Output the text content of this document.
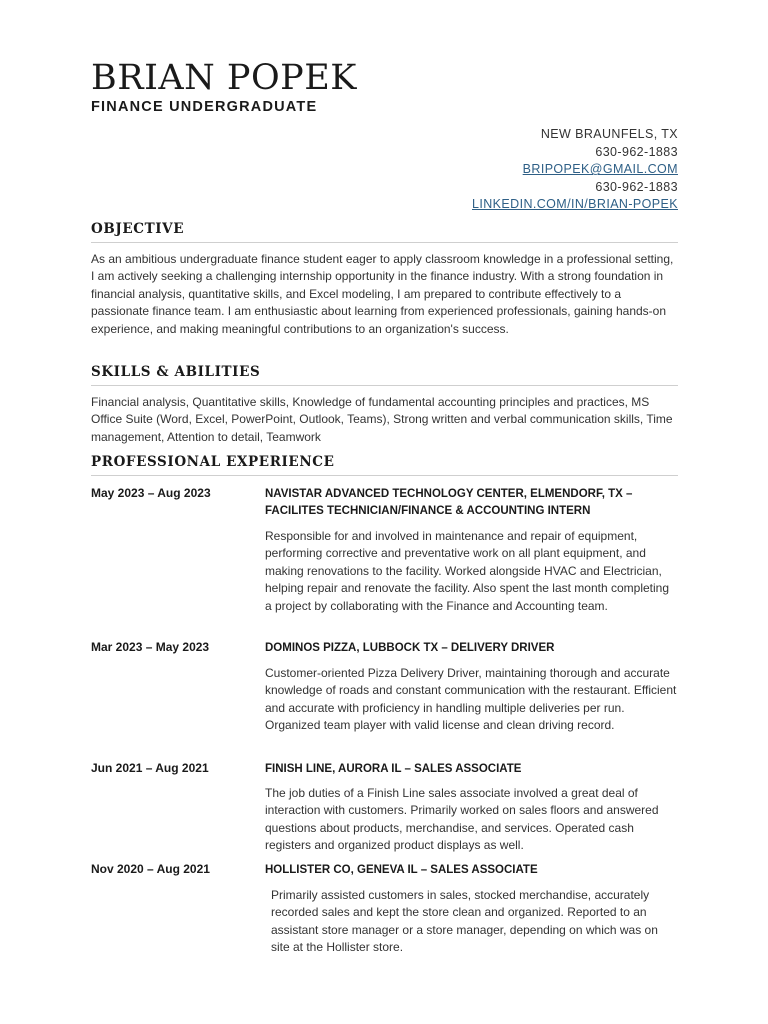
BRIAN POPEK
FINANCE UNDERGRADUATE
NEW BRAUNFELS, TX
630-962-1883
BRIPOPEK@GMAIL.COM
630-962-1883
LINKEDIN.COM/IN/BRIAN-POPEK
OBJECTIVE
As an ambitious undergraduate finance student eager to apply classroom knowledge in a professional setting, I am actively seeking a challenging internship opportunity in the finance industry. With a strong foundation in financial analysis, quantitative skills, and Excel modeling, I am prepared to contribute effectively to a passionate finance team. I am enthusiastic about learning from experienced professionals, gaining hands-on experience, and making meaningful contributions to an organization's success.
SKILLS & ABILITIES
Financial analysis, Quantitative skills, Knowledge of fundamental accounting principles and practices, MS Office Suite (Word, Excel, PowerPoint, Outlook, Teams), Strong written and verbal communication skills, Time management, Attention to detail, Teamwork
PROFESSIONAL EXPERIENCE
May 2023 – Aug 2023	NAVISTAR ADVANCED TECHNOLOGY CENTER, ELMENDORF, TX – FACILITES TECHNICIAN/FINANCE & ACCOUNTING INTERN
Responsible for and involved in maintenance and repair of equipment, performing corrective and preventative work on all plant equipment, and making renovations to the facility. Worked alongside HVAC and Electrician, helping repair and renovate the facility. Also spent the last month completing a project by collaborating with the Finance and Accounting team.
Mar 2023 – May 2023	DOMINOS PIZZA, LUBBOCK TX – DELIVERY DRIVER
Customer-oriented Pizza Delivery Driver, maintaining thorough and accurate knowledge of roads and constant communication with the restaurant. Efficient and accurate with proficiency in handling multiple deliveries per run. Organized team player with valid license and clean driving record.
Jun 2021 – Aug 2021	FINISH LINE, AURORA IL – SALES ASSOCIATE
The job duties of a Finish Line sales associate involved a great deal of interaction with customers. Primarily worked on sales floors and answered questions about products, merchandise, and services. Operated cash registers and organized product displays as well.
Nov 2020 – Aug 2021	HOLLISTER CO, GENEVA IL – SALES ASSOCIATE
Primarily assisted customers in sales, stocked merchandise, accurately recorded sales and kept the store clean and organized. Reported to an assistant store manager or a store manager, depending on which was on site at the Hollister store.
